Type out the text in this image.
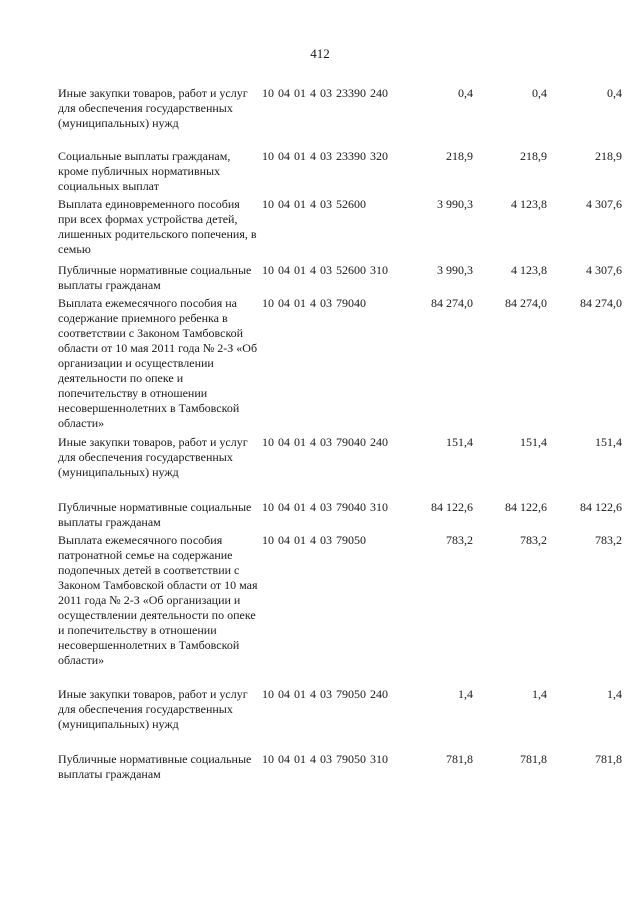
412
Иные закупки товаров, работ и услуг для обеспечения государственных (муниципальных) нужд
10 04 01 4 03 23390 240	0,4	0,4	0,4
Социальные выплаты гражданам, кроме публичных нормативных социальных выплат
10 04 01 4 03 23390 320	218,9	218,9	218,9
Выплата единовременного пособия при всех формах устройства детей, лишенных родительского попечения, в семью
10 04 01 4 03 52600	3 990,3	4 123,8	4 307,6
Публичные нормативные социальные выплаты гражданам
10 04 01 4 03 52600 310	3 990,3	4 123,8	4 307,6
Выплата ежемесячного пособия на содержание приемного ребенка в соответствии с Законом Тамбовской области от 10 мая 2011 года № 2-З «Об организации и осуществлении деятельности по опеке и попечительству в отношении несовершеннолетних в Тамбовской области»
10 04 01 4 03 79040	84 274,0	84 274,0	84 274,0
Иные закупки товаров, работ и услуг для обеспечения государственных (муниципальных) нужд
10 04 01 4 03 79040 240	151,4	151,4	151,4
Публичные нормативные социальные выплаты гражданам
10 04 01 4 03 79040 310	84 122,6	84 122,6	84 122,6
Выплата ежемесячного пособия патронатной семье на содержание подопечных детей в соответствии с Законом Тамбовской области от 10 мая 2011 года № 2-З «Об организации и осуществлении деятельности по опеке и попечительству в отношении несовершеннолетних в Тамбовской области»
10 04 01 4 03 79050	783,2	783,2	783,2
Иные закупки товаров, работ и услуг для обеспечения государственных (муниципальных) нужд
10 04 01 4 03 79050 240	1,4	1,4	1,4
Публичные нормативные социальные выплаты гражданам
10 04 01 4 03 79050 310	781,8	781,8	781,8
